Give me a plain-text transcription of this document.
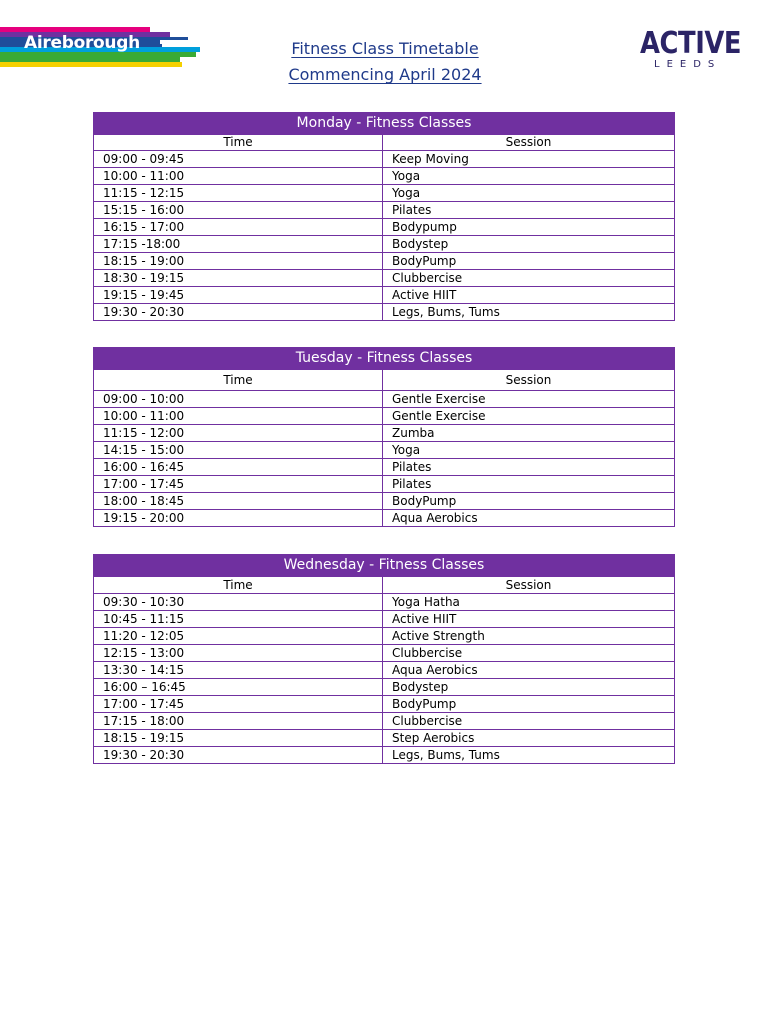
Aireborough	Fitness Class Timetable
Commencing April 2024
ACTIVE
LEEDS
Monday - Fitness Classes	
Time	Session
09:00 - 09:45	Keep Moving
10:00 - 11:00	Yoga
11:15 - 12:15	Yoga
15:15 - 16:00	Pilates
16:15 - 17:00	Bodypump
17:15 -18:00	Bodystep
18:15 - 19:00	BodyPump
18:30 - 19:15	Clubbercise
19:15 - 19:45	Active HIIT
19:30 - 20:30	Legs, Bums, Tums
Tuesday - Fitness Classes	
Time	Session
09:00 - 10:00	Gentle Exercise
10:00 - 11:00	Gentle Exercise
11:15 - 12:00	Zumba
14:15 - 15:00	Yoga
16:00 - 16:45	Pilates
17:00 - 17:45	Pilates
18:00 - 18:45	BodyPump
19:15 - 20:00	Aqua Aerobics
Wednesday - Fitness Classes	
Time	Session
09:30 - 10:30	Yoga Hatha
10:45 - 11:15	Active HIIT
11:20 - 12:05	Active Strength
12:15 - 13:00	Clubbercise
13:30 - 14:15	Aqua Aerobics
16:00 – 16:45	Bodystep
17:00 - 17:45	BodyPump
17:15 - 18:00	Clubbercise
18:15 - 19:15	Step Aerobics
19:30 - 20:30	Legs, Bums, Tums
